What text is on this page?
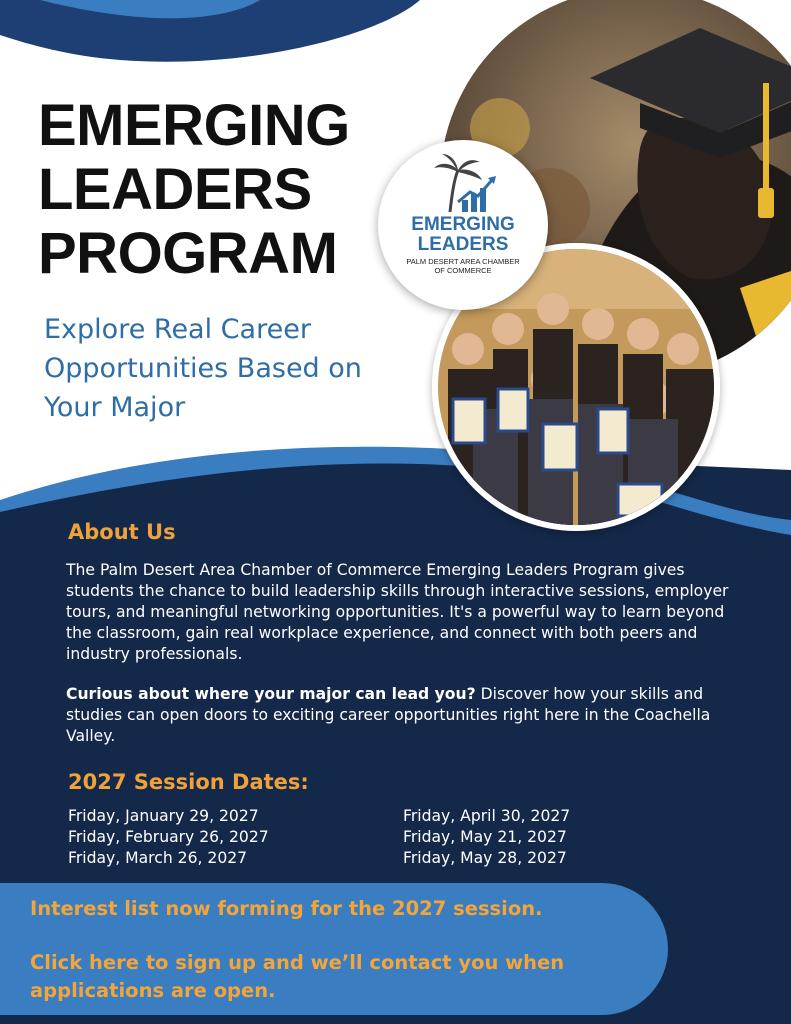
EMERGING
LEADERS
PALM DESERT AREA CHAMBER
OF COMMERCE
EMERGING
LEADERS
PROGRAM

Explore Real Career Opportunities Based on Your Major

About Us

The Palm Desert Area Chamber of Commerce Emerging Leaders Program gives students the chance to build leadership skills through interactive sessions, employer tours, and meaningful networking opportunities. It's a powerful way to learn beyond the classroom, gain real workplace experience, and connect with both peers and industry professionals.

Curious about where your major can lead you? Discover how your skills and studies can open doors to exciting career opportunities right here in the Coachella Valley.

2027 Session Dates:
Friday, January 29, 2027
Friday, February 26, 2027
Friday, March 26, 2027
Friday, April 30, 2027
Friday, May 21, 2027
Friday, May 28, 2027

Interest list now forming for the 2027 session.

Click here to sign up and we’ll contact you when applications are open.
